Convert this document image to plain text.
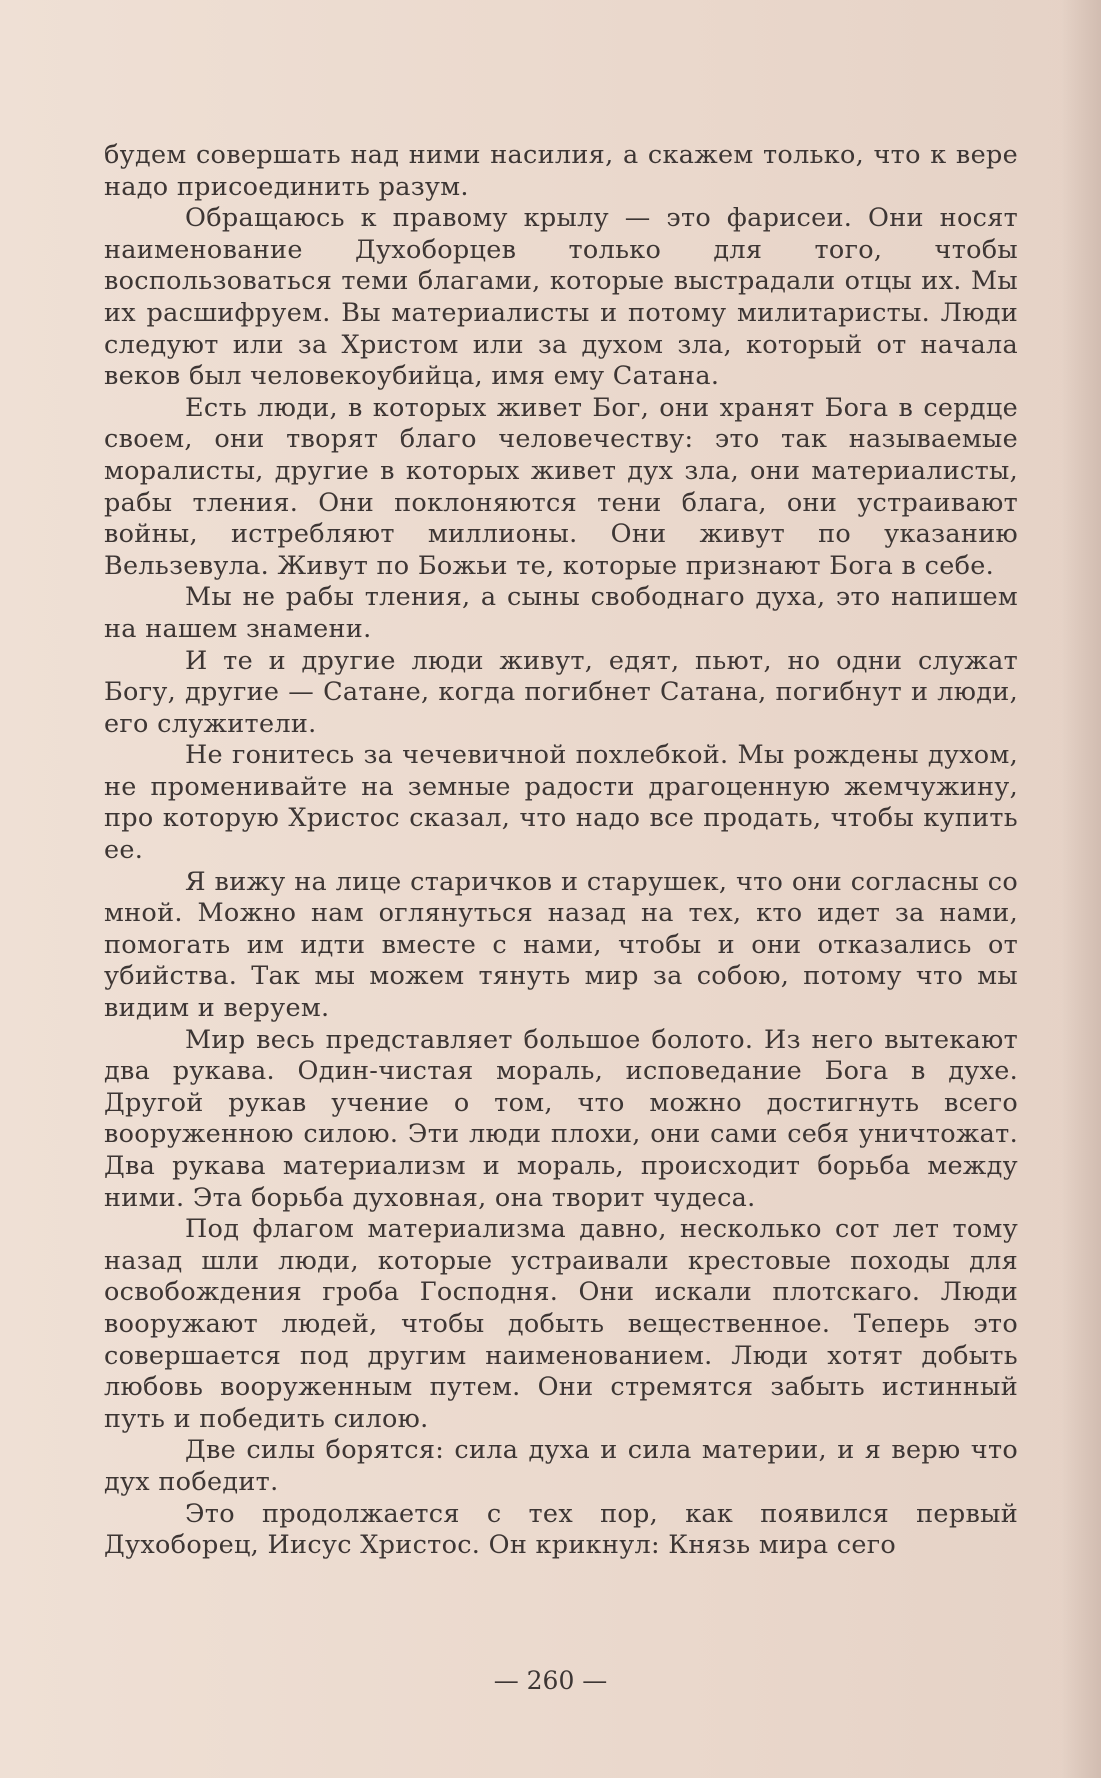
будем совершать над ними насилия, а скажем только, что к вере надо присоединить разум.

Обращаюсь к правому крылу — это фарисеи. Они носят наименование Духоборцев только для того, чтобы воспользоваться теми благами, которые выстрадали отцы их. Мы их расшифруем. Вы материалисты и потому милитаристы. Люди следуют или за Христом или за духом зла, который от начала веков был человекоубийца, имя ему Сатана.

Есть люди, в которых живет Бог, они хранят Бога в сердце своем, они творят благо человечеству: это так называемые моралисты, другие в которых живет дух зла, они материалисты, рабы тления. Они поклоняются тени блага, они устраивают войны, истребляют миллионы. Они живут по указанию Вельзевула. Живут по Божьи те, которые признают Бога в себе.

Мы не рабы тления, а сыны свободнаго духа, это напишем на нашем знамени.

И те и другие люди живут, едят, пьют, но одни служат Богу, другие — Сатане, когда погибнет Сатана, погибнут и люди, его служители.

Не гонитесь за чечевичной похлебкой. Мы рождены духом, не променивайте на земные радости драгоценную жемчужину, про которую Христос сказал, что надо все продать, чтобы купить ее.

Я вижу на лице старичков и старушек, что они согласны со мной. Можно нам оглянуться назад на тех, кто идет за нами, помогать им идти вместе с нами, чтобы и они отказались от убийства. Так мы можем тянуть мир за собою, потому что мы видим и веруем.

Мир весь представляет большое болото. Из него вытекают два рукава. Один-чистая мораль, исповедание Бога в духе. Другой рукав учение о том, что можно достигнуть всего вооруженною силою. Эти люди плохи, они сами себя уничтожат. Два рукава материализм и мораль, происходит борьба между ними. Эта борьба духовная, она творит чудеса.

Под флагом материализма давно, несколько сот лет тому назад шли люди, которые устраивали крестовые походы для освобождения гроба Господня. Они искали плотскаго. Люди вооружают людей, чтобы добыть вещественное. Теперь это совершается под другим наименованием. Люди хотят добыть любовь вооруженным путем. Они стремятся забыть истинный путь и победить силою.

Две силы борятся: сила духа и сила материи, и я верю что дух победит.

Это продолжается с тех пор, как появился первый Духоборец, Иисус Христос. Он крикнул: Князь мира сего

— 260 —
